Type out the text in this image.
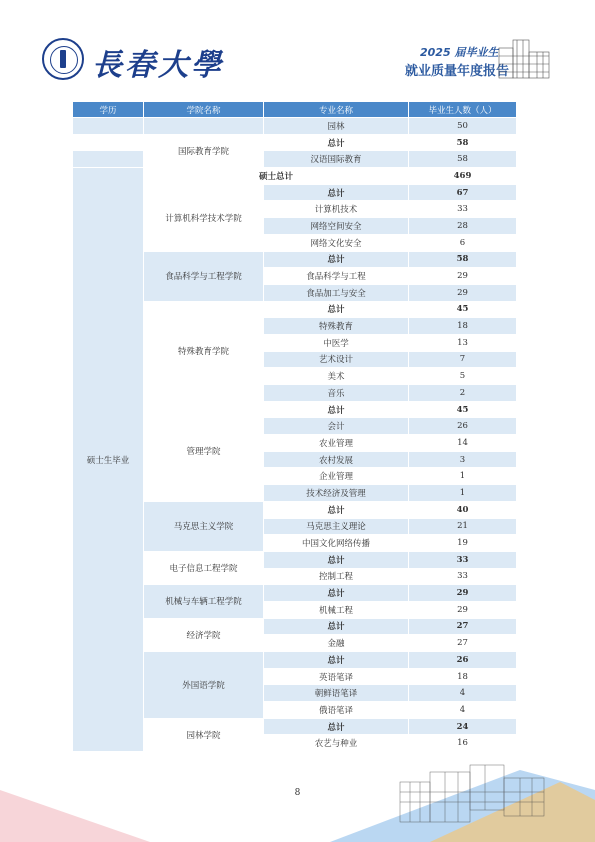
長春大學	2025 届毕业生
就业质量年度报告
学历	学院名称	专业名称	毕业生人数（人）
		园林	50
	国际教育学院	总计	58
		汉语国际教育	58
硕士生毕业	硕士总计		469
	计算机科学技术学院	总计	67
		计算机技术	33
		网络空间安全	28
		网络文化安全	6
	食品科学与工程学院	总计	58
		食品科学与工程	29
		食品加工与安全	29
	特殊教育学院	总计	45
		特殊教育	18
		中医学	13
		艺术设计	7
		美术	5
		音乐	2
	管理学院	总计	45
		会计	26
		农业管理	14
		农村发展	3
		企业管理	1
		技术经济及管理	1
	马克思主义学院	总计	40
		马克思主义理论	21
		中国文化网络传播	19
	电子信息工程学院	总计	33
		控制工程	33
	机械与车辆工程学院	总计	29
		机械工程	29
	经济学院	总计	27
		金融	27
	外国语学院	总计	26
		英语笔译	18
		朝鲜语笔译	4
		俄语笔译	4
	园林学院	总计	24
		农艺与种业	16
8
